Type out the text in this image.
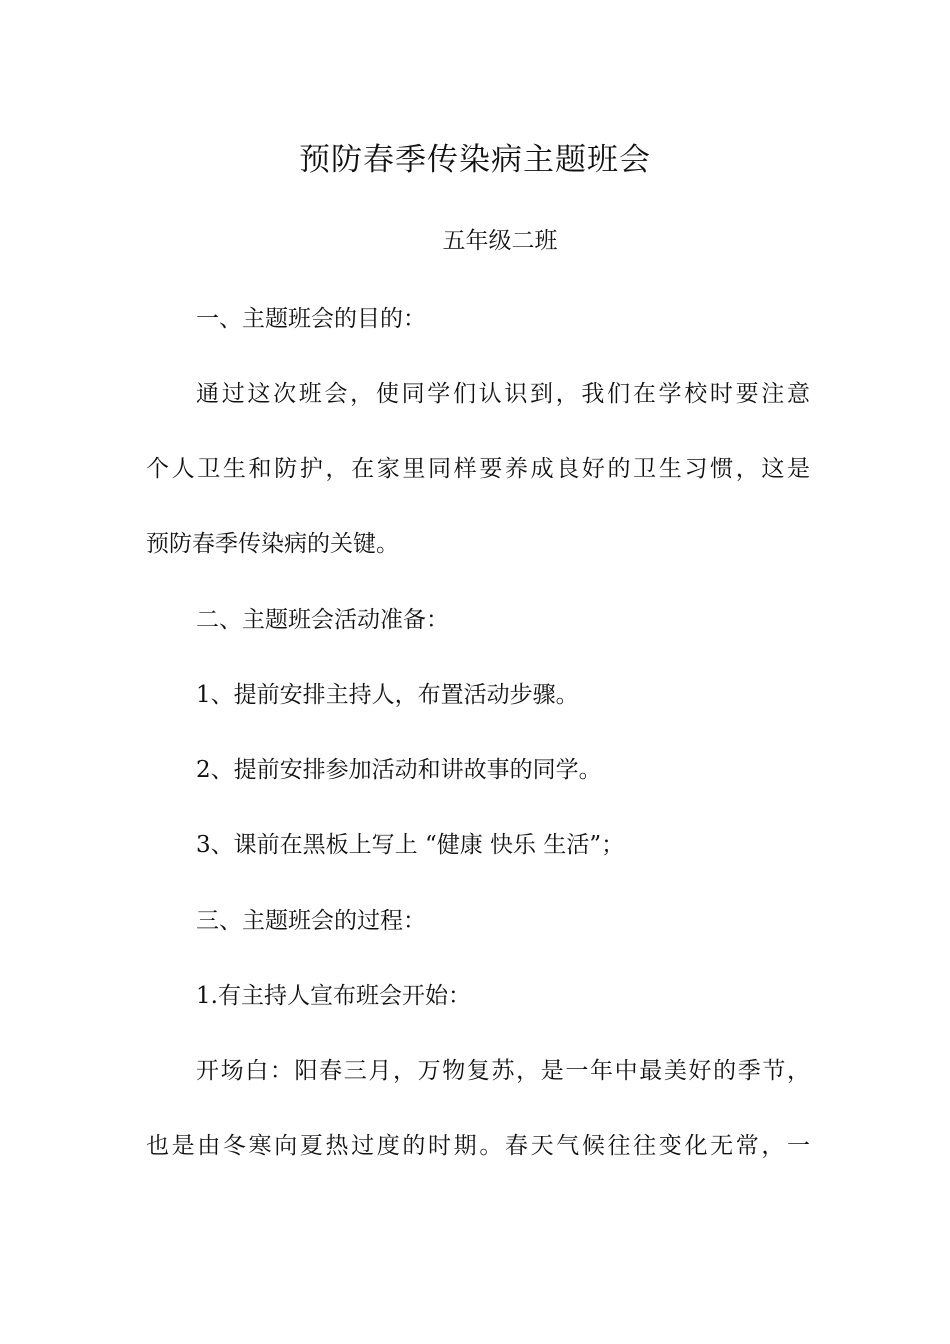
预防春季传染病主题班会
五年级二班
一、主题班会的目的：
通过这次班会，使同学们认识到，我们在学校时要注意
个人卫生和防护，在家里同样要养成良好的卫生习惯，这是
预防春季传染病的关键。
二、主题班会活动准备：
1、提前安排主持人，布置活动步骤。
2、提前安排参加活动和讲故事的同学。
3、课前在黑板上写上 “健康 快乐 生活”；
三、主题班会的过程：
1.有主持人宣布班会开始：
开场白：阳春三月，万物复苏，是一年中最美好的季节，
也是由冬寒向夏热过度的时期。春天气候往往变化无常，一
